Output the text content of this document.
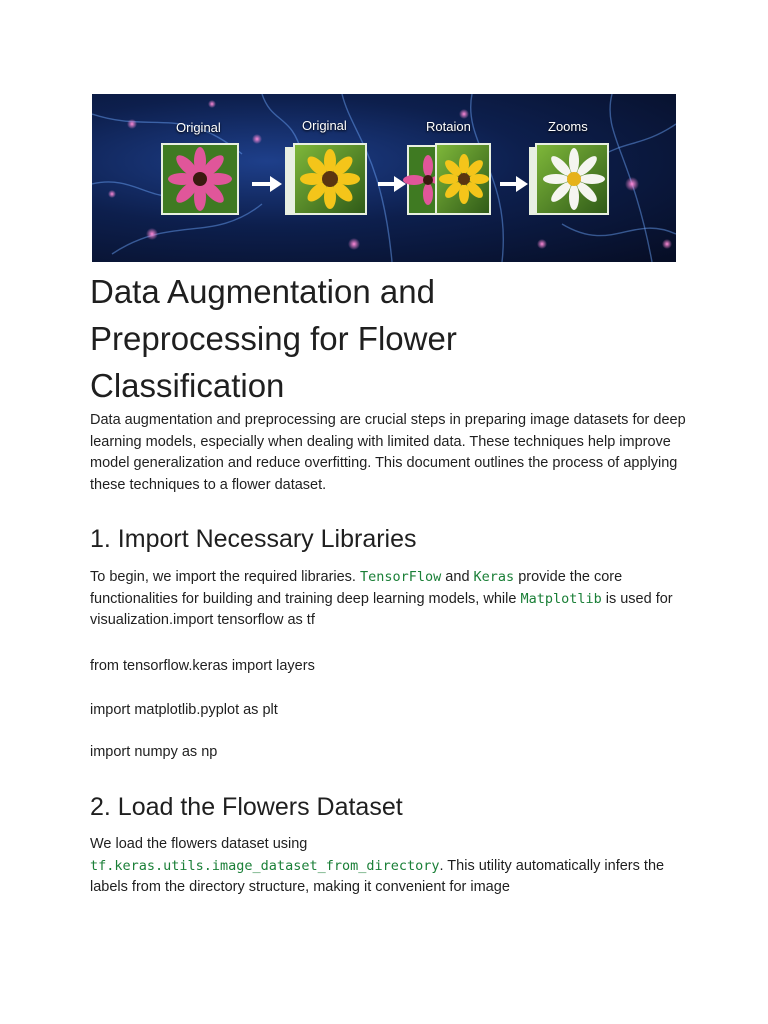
Original	Original	Rotaion	Zooms
Data Augmentation and Preprocessing for Flower Classification

Data augmentation and preprocessing are crucial steps in preparing image datasets for deep learning models, especially when dealing with limited data. These techniques help improve model generalization and reduce overfitting. This document outlines the process of applying these techniques to a flower dataset.

1. Import Necessary Libraries

To begin, we import the required libraries. TensorFlow and Keras provide the core functionalities for building and training deep learning models, while Matplotlib is used for visualization.import tensorflow as tf

from tensorflow.keras import layers

import matplotlib.pyplot as plt

import numpy as np

2. Load the Flowers Dataset

We load the flowers dataset using
tf.keras.utils.image_dataset_from_directory. This utility automatically infers the labels from the directory structure, making it convenient for image
